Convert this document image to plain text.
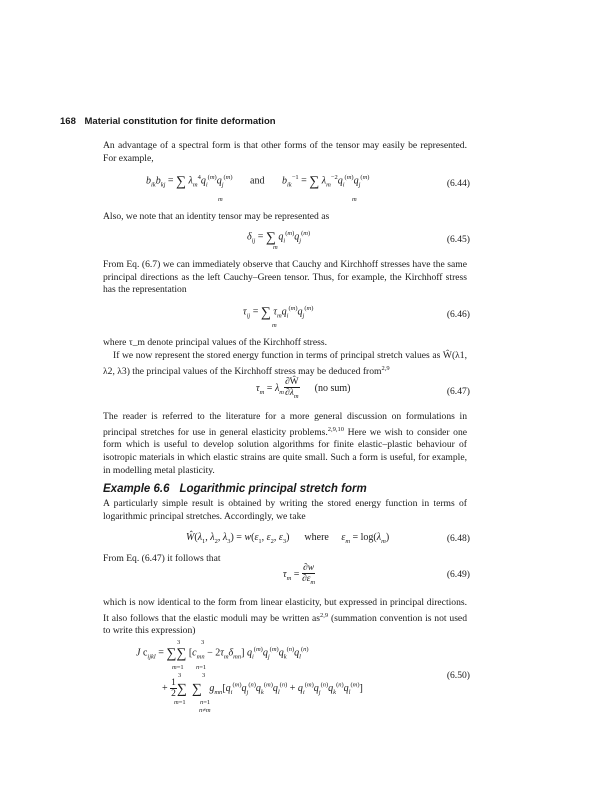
168 Material constitution for finite deformation

An advantage of a spectral form is that other forms of the tensor may easily be represented. For example,

$b_{ik}b_{kj}$ = ∑ $\lambda_m^4q_i^{(m)}q_j^{(m)}$ and $b_{ik}^{-1}$ = ∑ $\lambda_m^{-2}q_i^{(m)}q_j^{(m)}$
m	m
(6.44)

Also, we note that an identity tensor may be represented as

$\delta_{ij}$ = ∑ $q_i^{(m)}q_j^{(m)}$
m
(6.45)

From Eq. (6.7) we can immediately observe that Cauchy and Kirchhoff stresses have the same principal directions as the left Cauchy–Green tensor. Thus, for example, the Kirchhoff stress has the representation

$\tau_{ij}$ = ∑ $\tau_mq_i^{(m)}q_j^{(m)}$
m
(6.46)

where τ_m denote principal values of the Kirchhoff stress.

If we now represent the stored energy function in terms of principal stretch values as Ŵ(λ1, λ2, λ3) the principal values of the Kirchhoff stress may be deduced from$^{2,9}$

$\tau_m = \lambda_m \frac{\partial Ŵ}{\partial\lambda_m} (no$ sum)	(6.47)

The reader is referred to the literature for a more general discussion on formulations in principal stretches for use in general elasticity problems.$^{2,9,10}$ Here we wish to consider one form which is useful to develop solution algorithms for finite elastic–plastic behaviour of isotropic materials in which elastic strains are quite small. Such a form is useful, for example, in modelling metal plasticity.

Example 6.6 Logarithmic principal stretch form

A particularly simple result is obtained by writing the stored energy function in terms of logarithmic principal stretches. Accordingly, we take

$Ŵ(\lambda_1$, $\lambda_2$, $\lambda_3) = w(\varepsilon_1$, $\varepsilon_2$, $\varepsilon_3$)      where $\varepsilon_m = \log(\lambda_m)$	(6.48)

From Eq. (6.47) it follows that

$\tau_m = \frac{\partial w}{\partial\varepsilon_m}$	(6.49)

which is now identical to the form from linear elasticity, but expressed in principal directions. It also follows that the elastic moduli may be written as$^{2,9}$ (summation convention is not used to write this expression)

3	3
J $c_{ijkl}$ = ∑∑ $[c_{mn} - 2\tau_m\delta_{mn}]$ $q_i^{(m)}q_j^{(m)}q_k^{(n)}q_l^{(n)}$
m=1 n=1
3	3
+ $\frac{1}{2}$ ∑ ∑ $g_{mn}[q_i^{(m)}q_j^{(n)}q_k^{(m)}q_l^{(n)} + q_i^{(m)}q_j^{(n)}q_k^{(n)}q_l^{(m)}]$
m=1 n=1
n≠m
(6.50)
